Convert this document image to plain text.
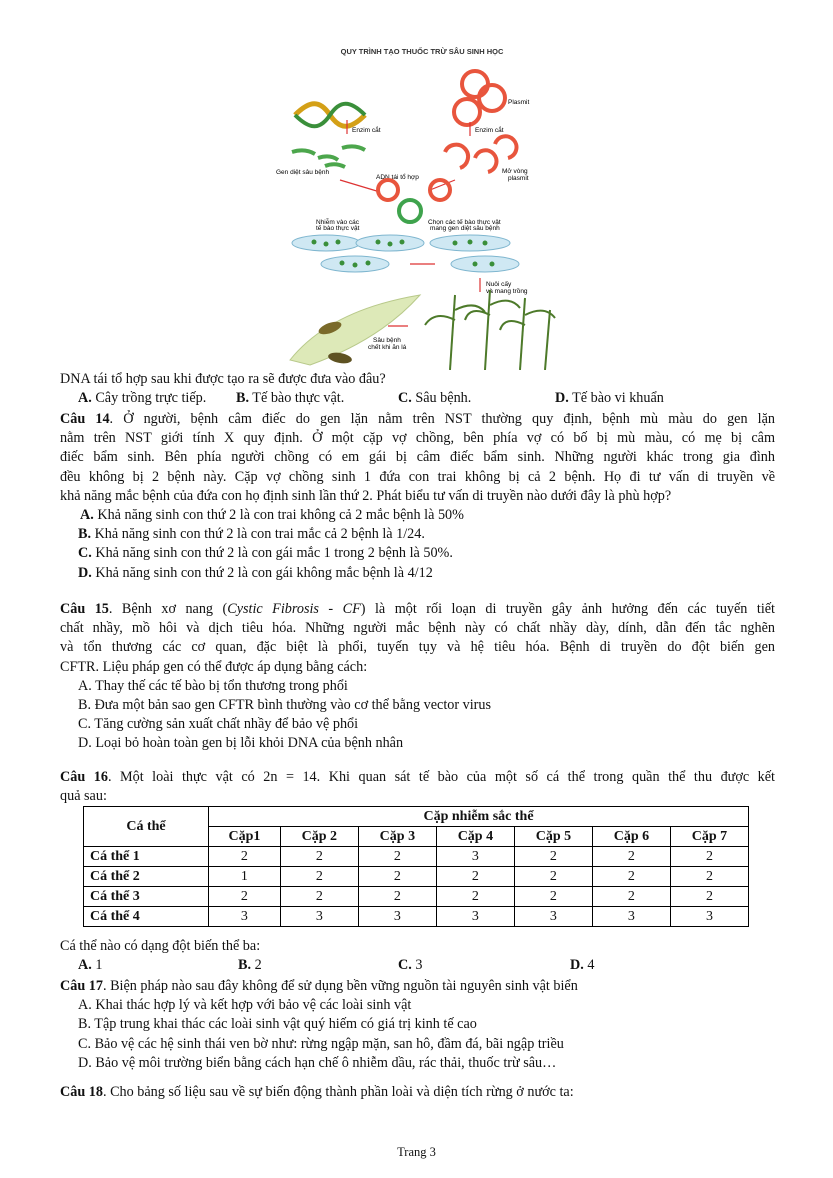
QUY TRÌNH TẠO THUỐC TRỪ SÂU SINH HỌC
Plasmit
Enzim cắt	Enzim cắt
Gen diệt sâu bệnh	Mở vòng
plasmit
ADN tái tổ hợp
Nhiễm vào các
tế bào thực vật
Chọn các tế bào thực vật
mang gen diệt sâu bệnh
Nuôi cấy
và mang trồng
Sâu bệnh
chết khi ăn lá
DNA tái tổ hợp sau khi được tạo ra sẽ được đưa vào đâu?
A. Cây trồng trực tiếp. B. Tế bào thực vật.	C. Sâu bệnh.	D. Tế bào vi khuẩn
Câu 14. Ở người, bệnh câm điếc do gen lặn nằm trên NST thường quy định, bệnh mù màu do gen lặn
nằm trên NST giới tính X quy định. Ở một cặp vợ chồng, bên phía vợ có bố bị mù màu, có mẹ bị câm
điếc bẩm sinh. Bên phía người chồng có em gái bị câm điếc bẩm sinh. Những người khác trong gia đình
đều không bị 2 bệnh này. Cặp vợ chồng sinh 1 đứa con trai không bị cả 2 bệnh. Họ đi tư vấn di truyền về
khả năng mắc bệnh của đứa con họ định sinh lần thứ 2. Phát biểu tư vấn di truyền nào dưới đây là phù hợp?
A. Khả năng sinh con thứ 2 là con trai không cả 2 mắc bệnh là 50%
B. Khả năng sinh con thứ 2 là con trai mắc cả 2 bệnh là 1/24.
C. Khả năng sinh con thứ 2 là con gái mắc 1 trong 2 bệnh là 50%.
D. Khả năng sinh con thứ 2 là con gái không mắc bệnh là 4/12
Câu 15. Bệnh xơ nang (Cystic Fibrosis - CF) là một rối loạn di truyền gây ảnh hưởng đến các tuyến tiết
chất nhầy, mồ hôi và dịch tiêu hóa. Những người mắc bệnh này có chất nhầy dày, dính, dẫn đến tắc nghẽn
và tổn thương các cơ quan, đặc biệt là phổi, tuyến tụy và hệ tiêu hóa. Bệnh di truyền do đột biến gen
CFTR. Liệu pháp gen có thể được áp dụng bằng cách:
A. Thay thế các tế bào bị tổn thương trong phổi
B. Đưa một bản sao gen CFTR bình thường vào cơ thể bằng vector virus
C. Tăng cường sản xuất chất nhầy để bảo vệ phổi
D. Loại bỏ hoàn toàn gen bị lỗi khỏi DNA của bệnh nhân
Câu 16. Một loài thực vật có 2n = 14. Khi quan sát tế bào của một số cá thể trong quần thể thu được kết
quả sau:
Cá thể	Cặp nhiễm sắc thể						
	Cặp1	Cặp 2	Cặp 3	Cặp 4	Cặp 5	Cặp 6	Cặp 7
Cá thể 1	2	2	2	3	2	2	2
Cá thể 2	1	2	2	2	2	2	2
Cá thể 3	2	2	2	2	2	2	2
Cá thể 4	3	3	3	3	3	3	3
Cá thể nào có dạng đột biến thể ba:
A. 1	B. 2	C. 3	D. 4
Câu 17. Biện pháp nào sau đây không để sử dụng bền vững nguồn tài nguyên sinh vật biển
A. Khai thác hợp lý và kết hợp với bảo vệ các loài sinh vật
B. Tập trung khai thác các loài sinh vật quý hiếm có giá trị kinh tế cao
C. Bảo vệ các hệ sinh thái ven bờ như: rừng ngập mặn, san hô, đầm đá, bãi ngập triều
D. Bảo vệ môi trường biển bằng cách hạn chế ô nhiễm dầu, rác thải, thuốc trừ sâu…
Câu 18. Cho bảng số liệu sau về sự biến động thành phần loài và diện tích rừng ở nước ta:
Trang 3
